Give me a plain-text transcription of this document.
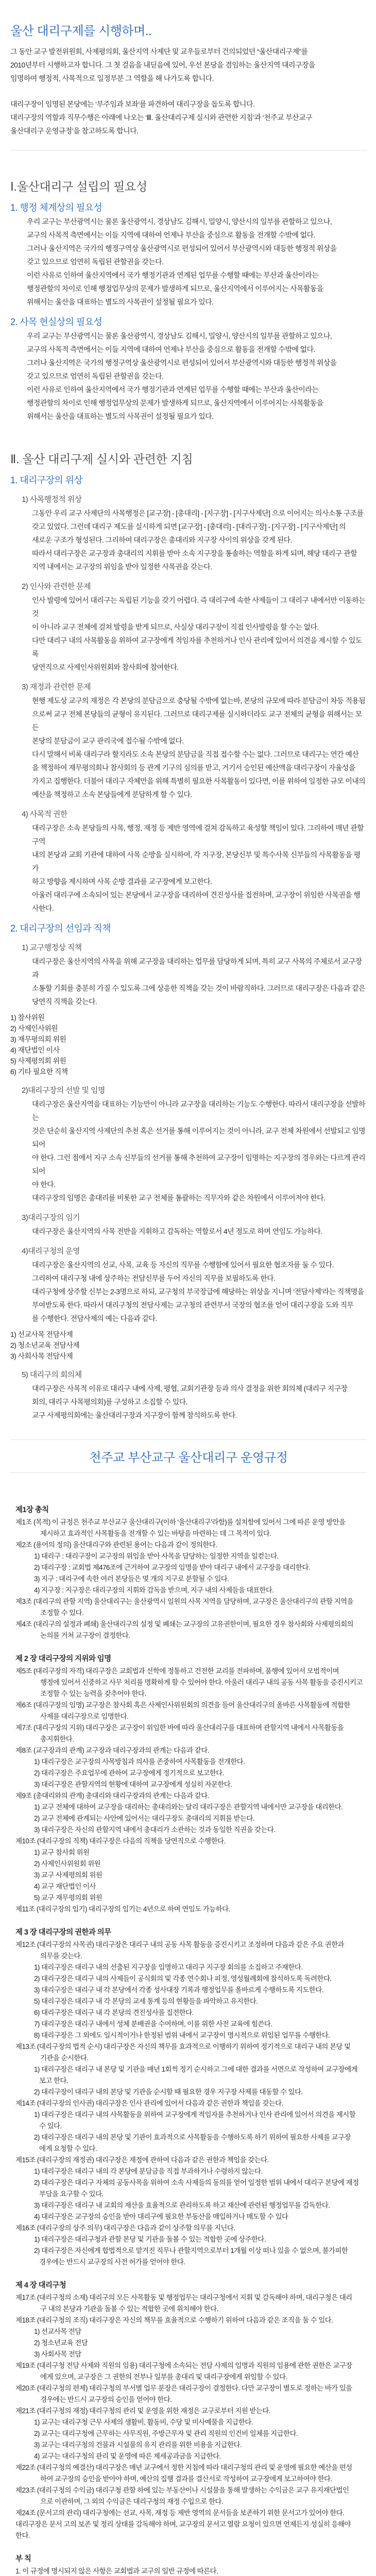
울산 대리구제를 시행하며..

그 동안 교구 발전위원회, 사제평의회, 울산지역 사제단 및 교우들로부터 건의되었던 “울산대리구제”를
2010년부터 시행하고자 합니다. 그 첫 걸음을 내딛음에 있어, 우선 본당을 겸임하는 울산지역 대리구장을
임명하여 행정적, 사목적으로 일정부분 그 역할을 해 나가도록 합니다.

대리구장이 임명된 본당에는 ‘부주임과 보좌’를 파견하여 대리구장을 돕도록 합니다.
대리구장의 역할과 직무수행은 아래에 나오는 ‘Ⅲ. 울산대리구제 실시와 관련한 지침’과 ‘천주교 부산교구
울산대리구 운영규정’을 참고하도록 합니다.

Ⅰ.울산대리구 설립의 필요성
1. 행정 체계상의 필요성
우리 교구는 부산광역시는 물론 울산광역시, 경상남도 김해시, 밀양시, 양산시의 일부를 관할하고 있으나,
교구의 사목적 측면에서는 이들 지역에 대하여 언제나 부산을 중심으로 활동을 전개할 수밖에 없다.
그러나 울산지역은 국가의 행정구역상 울산광역시로 편성되어 있어서 부산광역시와 대등한 행정적 위상을
갖고 있으므로 엄연히 독립된 관할권을 갖는다.
이런 사유로 인하여 울산지역에서 국가 행정기관과 연계된 업무를 수행할 때에는 부산과 울산이라는
행정관할의 차이로 인해 행정업무상의 문제가 발생하게 되므로, 울산지역에서 이루어지는 사목활동을
위해서는 울산을 대표하는 별도의 사목권이 설정될 필요가 있다.
2. 사목 현실상의 필요성
우리 교구는 부산광역시는 물론 울산광역시, 경상남도 김해시, 밀양시, 양산시의 일부를 관할하고 있으나,
교구의 사목적 측면에서는 이들 지역에 대하여 언제나 부산을 중심으로 활동을 전개할 수밖에 없다.
그러나 울산지역은 국가의 행정구역상 울산광역시로 편성되어 있어서 부산광역시와 대등한 행정적 위상을
갖고 있으므로 엄연히 독립된 관할권을 갖는다.
이런 사유로 인하여 울산지역에서 국가 행정기관과 연계된 업무를 수행할 때에는 부산과 울산이라는
행정관할의 차이로 인해 행정업무상의 문제가 발생하게 되므로, 울산지역에서 이루어지는 사목활동을
위해서는 울산을 대표하는 별도의 사목권이 설정될 필요가 있다.
Ⅱ. 울산 대리구제 실시와 관련한 지침
1. 대리구장의 위상
1) 사목행정적 위상
그동안 우리 교구 사제단의 사목행정은 [교구장] - [총대리] - [지구장] - [지구사제단] 으로 이어지는 의사소통 구조를
갖고 있었다. 그런데 대리구 제도를 실시하게 되면 [교구장] - [총대리] - [대리구장] - [지구장] - [지구사제단] 의
새로운 구조가 형성된다. 그리하여 대리구장은 총대리와 지구장 사이의 위상을 갖게 된다.
따라서 대리구장은 교구장과 총대리의 지휘를 받아 소속 지구장을 통솔하는 역할을 하게 되며, 해당 대리구 관할
지역 내에서는 교구장의 위임을 받아 일정한 사목권을 갖는다.
2) 인사와 관련한 문제
인사 발령에 있어서 대리구는 독립된 기능을 갖기 어렵다. 즉 대리구에 속한 사제들이 그 대리구 내에서만 이동하는 것
이 아니라 교구 전체에 걸쳐 발령을 받게 되므로, 사실상 대리구장이 직접 인사발령을 할 수는 없다.
다만 대리구 내의 사목활동을 위하여 교구장에게 적임자를 추천하거나 인사 관리에 있어서 의견을 제시할 수 있도록
당연직으로 사제인사위원회와 참사회에 참여한다.
3) 재정과 관련한 문제
현행 제도상 교구의 재정은 각 본당의 분담금으로 충당될 수밖에 없는바, 본당의 규모에 따라 분담금이 차등 적용됨
으로써 교구 전체 본당들의 균형이 유지된다. 그러므로 대리구제를 실시하더라도 교구 전체의 균형을 위해서는 모든
본당의 분담금이 교구 관리국에 접수될 수밖에 없다.
다시 말해서 비록 대리구라 할지라도 소속 본당의 분담금을 직접 접수할 수는 없다. 그러므로 대리구는 연간 예산
을 책정하여 재무평의회나 참사회의 등 관계 기구의 심의를 받고, 거기서 승인된 예산액을 대리구장이 자율성을
가지고 집행한다. 더불어 대리구 자체만을 위해 특별히 필요한 사목활동이 있다면, 이를 위하여 일정한 규모 이내의
예산을 책정하고 소속 본당들에게 분담하게 할 수 있다.
4) 사목적 권한
대리구장은 소속 본당들의 사목, 행정, 재정 등 제반 영역에 걸쳐 감독하고 육성할 책임이 있다. 그리하여 매년 관할 구역
내의 본당과 교회 기관에 대하여 사목 순방을 실시하여, 각 지구장, 본당신부 및 특수사목 신부들의 사목활동을 평가
하고 방향을 제시하며 사목 순방 결과를 교구장에게 보고한다.
아울러 대리구에 소속되어 있는 본당에서 교구장을 대리하여 견진성사를 집전하며, 교구장이 위임한 사목권을 행사한다.
2. 대리구장의 선임과 직책
1) 교구행정상 직책
대리구장은 울산지역의 사목을 위해 교구장을 대리하는 업무를 담당하게 되며, 특히 교구 사목의 주체로서 교구장과
소통할 기회를 충분히 가질 수 있도록 그에 상응한 직책을 갖는 것이 바람직하다. 그러므로 대리구장은 다음과 같은
당연직 직책을 갖는다.
1) 참사위원
2) 사제인사위원
3) 재무평의회 위원
4) 재단법인 이사
5) 사제평의회 위원
6) 기타 필요한 직책
2)대리구장의 선발 및 임명
대리구장은 울산지역을 대표하는 기능만이 아니라 교구장을 대리하는 기능도 수행한다. 따라서 대리구장을 선발하는
것은 단순히 울산지역 사제단의 추천 혹은 선거를 통해 이루어지는 것이 아니라, 교구 전체 차원에서 선발되고 임명되어
야 한다. 그런 점에서 지구 소속 신부들의 선거를 통해 추천하여 교구장이 임명하는 지구장의 경우와는 다르게 관리되어
야 한다.
대리구장의 임명은 총대리를 비롯한 교구 전체를 통괄하는 직무자와 같은 차원에서 이루어져야 한다.
3)대리구장의 임기
대리구장은 울산지역의 사목 전반을 지휘하고 감독하는 역할로서 4년 정도로 하며 연임도 가능하다.
4)대리구청의 운영
대리구장은 울산지역의 선교, 사목, 교육 등 자신의 직무를 수행함에 있어서 필요한 협조자를 둘 수 있다.
그리하여 대리구청 내에 상주하는 전담신부를 두어 자신의 직무를 보필하도록 한다.
대리구청에 상주할 신부는 2-3명으로 하되, 교구청의 부국장급에 해당하는 위상을 지니며 ‘전담사제’라는 직책명을
부여받도록 한다. 따라서 대리구청의 전담사제는 교구청의 관련부서 국장의 협조를 얻어 대리구장을 도와 직무
를 수행한다. 전담사제의 예는 다음과 같다.
1) 선교사목 전담사제
2) 청소년교육 전담사제
3) 사회사목 전담사제
5) 대리구의 회의체
대리구장은 사목적 이유로 대리구 내에 사제, 평협, 교회기관장 등과 의사 결정을 위한 회의체 (대리구 지구장
회의, 대리구 사목평의회)를 구성하고 소집할 수 있다.
교구 사제평의회에는 울산대리구장과 지구장이 함께 참석하도록 한다.
천주교 부산교구 울산대리구 운영규정
제1장 총칙
제1조 (목적) 이 규정은 천주교 부산교구 울산대리구(이하 ‘울산대리구’라함)를 설치함에 있어서 그에 따른 운영 방안을
제시하고 효과적인 사목활동을 전개할 수 있는 바탕을 마련하는 데 그 목적이 있다.
제2조 (용어의 정의) 울산대리구와 관련된 용어는 다음과 같이 정의한다.
1) 대리구 : 대리구장이 교구장의 위임을 받아 사목을 담당하는 일정한 지역을 일컫는다.
2) 대리구장 : 교회법 제476조에 근거하여 교구장의 임명을 받아 대리구 내에서 교구장을 대리한다.
3) 지구 : 대리구에 속한 여러 본당들은 몇 개의 지구로 분할될 수 있다.
4) 지구장 : 지구장은 대리구장의 지휘와 감독을 받으며, 지구 내의 사제들을 대표한다.
제3조 (대리구의 관할 지역) 울산대리구는 울산광역시 일원의 사목 지역을 담당하며, 교구장은 울산대리구의 관할 지역을
조정할 수 있다.
제4조 (대리구의 설정과 폐쇄) 울산대리구의 설정 및 폐쇄는 교구장의 고유권한이며, 필요한 경우 참사회와 사제평의회의
논의를 거쳐 교구장이 결정한다.
제 2 장 대리구장의 지위와 임명
제5조 (대리구장의 자격) 대리구장은 교회법과 신학에 정통하고 건전한 교리를 전파하며, 품행에 있어서 모범적이며
행정에 있어서 신중하고 사무 처리를 명확하게 할 수 있어야 한다. 아울러 대리구 내의 공동 사목 활동을 증진시키고
조정할 수 있는 능력을 갖추어야 한다.
제6조 (대리구장의 임명) 교구장은 참사회 혹은 사제인사위원회의 의견을 들어 울산대리구의 올바른 사목활동에 적합한
사제를 대리구장으로 임명한다.
제7조 (대리구장의 지위) 대리구장은 교구장이 위임한 바에 따라 울산대리구를 대표하며 관할지역 내에서 사목활동을
총지휘한다.
제8조 (교구장과의 관계) 교구장과 대리구장과의 관계는 다음과 같다.
1) 대리구장은 교구장의 사목방침과 의사를 존중하여 사목활동을 전개한다.
2) 대리구장은 주요업무에 관하여 교구장에게 정기적으로 보고한다.
3) 대리구장은 관할지역의 현황에 대하여 교구장에게 성실히 자문한다.
제9조 (총대리와의 관계) 총대리와 대리구장과의 관계는 다음과 같다.
1) 교구 전체에 대하여 교구장을 대리하는 총대리와는 달리 대리구장은 관할지역 내에서만 교구장을 대리한다.
2) 교구 전체에 관계되는 사안에 있어서는 대리구장도 총대리의 지휘를 받는다.
3) 대리구장은 자신의 관할지역 내에서 총대리가 소관하는 것과 동일한 직권을 갖는다.
제10조 (대리구장의 직책) 대리구장은 다음의 직책을 당연직으로 수행한다.
1) 교구 참사회 위원
2) 사제인사위원회 위원
3) 교구 사제평의회 위원
4) 교구 재단법인 이사
5) 교구 재무평의회 위원
제11조 (대리구장의 임기) 대리구장의 임기는 4년으로 하며 연임도 가능하다.
제 3 장 대리구장의 권한과 의무
제12조 (대리구장의 사목권) 대리구장은 대리구 내의 공동 사목 활동을 증진시키고 조정하며 다음과 같은 주요 권한과
의무를 갖는다.
1) 대리구장은 대리구 내의 선출된 지구장을 임명하고 대리구 지구장 회의를 소집하고 주재한다.
2) 대리구장은 대리구 내의 사제들이 공식회의 및 각종 연수회나 피정, 영성월례회에 참석하도록 독려한다.
3) 대리구장은 대리구 내 각 본당에서 각종 성사대장 기록과 행정업무를 올바르게 수행하도록 지도한다.
5) 대리구장은 대리구 내 각 본당의 교세 통계 등의 현황들을 파악하고 유지한다.
6) 대리구장은 대리구 내 각 본당의 견진성사를 집전한다.
7) 대리구장은 대리구 내에서 성체 분배권을 수여하며, 이를 위한 사전 교육에 힘쓴다.
8) 대리구장은 그 외에도 일시적이거나 한정된 범위 내에서 교구장이 명시적으로 위임된 업무를 수행한다.
제13조 (대리구장의 법적 순시) 대리구장은 자신의 책무를 효과적으로 이행하기 위하여 정기적으로 대리구 내의 본당 및
기관을 순시한다.
1) 대리구장은 대리구 내 본당 및 기관을 매년 1회씩 정기 순시하고 그에 대한 결과를 서면으로 작성하여 교구장에게
보고 한다.
2) 대리구장이 대리구 내의 본당 및 기관을 순시할 때 필요한 경우 지구장 사제를 대동할 수 있다.
제14조 (대리구장의 인사권) 대리구장은 인사 관리에 있어서 다음과 같은 권한과 책임을 갖는다.
1) 대리구장은 대리구 내의 사목활동을 위하여 교구장에게 적임자를 추천하거나 인사 관리에 있어서 의견을 제시할
수 있다.
2) 대리구장은 대리구 내의 본당 및 기관이 효과적으로 사목활동을 수행하도록 하기 위하여 필요한 사제를 교구장
에게 요청할 수 있다.
제15조 (대리구장의 재정권) 대리구장은 재정에 관하여 다음과 같은 권한과 책임을 갖는다.
1) 대리구장은 대리구 내의 각 본당에 분담금을 직접 부과하거나 수령하지 않는다.
2) 대리구장은 대리구 자체의 공동사목을 위하여 소속 사제들의 동의를 얻어 일정한 범위 내에서 대리구 본당에 재정
부담을 요구할 수 있다.
3) 대리구장은 대리구 내 교회의 재산을 효율적으로 관리하도록 하고 재산에 관련된 행정업무를 감독한다.
4) 대리구장은 교구장의 승인을 받아 대리구에 필요한 부동산을 매입하거나 매도할 수 있다
제16조 (대리구장의 상주 의무) 대리구장은 다음과 같이 상주할 의무를 지닌다.
1) 대리구장은 대리구청과 관할 본당 및 기관을 돌볼 수 있는 적합한 곳에 상주한다.
2) 대리구장은 자신에게 합법적으로 맡겨진 직무나 관할지역으로부터 1개월 이상 떠나 있을 수 없으며, 불가피한
경우에는 반드시 교구장의 사전 허가를 얻어야 한다.
제 4 장 대리구청
제17조 (대리구청의 소재) 대리구의 모든 사목활동 및 행정업무는 대리구청에서 지휘 및 감독해야 하며, 대리구청은 대리
구 내의 본당과 기관을 돌볼 수 있는 적합한 곳에 위치해야 한다.
제18조 (대리구청의 조직) 대리구장은 자신의 책무를 효율적으로 수행하기 위하여 다음과 같은 조직을 둘 수 있다.
1) 선교사목 전담
2) 청소년교육 전담
3) 사회사목 전담
제19조 (대리구청 전담 사제와 직원의 임용) 대리구청에 소속되는 전담 사제의 임명과 직원의 임용에 관한 권한은 교구장
에게 있으며, 교구장은 그 권한의 전부나 일부를 총대리 및 대리구장에게 위임할 수 있다.
제20조 (대리구청의 편제) 대리구청의 부서별 업무 분장은 대리구장이 결정한다. 다만 교구장이 별도로 정하는 바가 있을
경우에는 반드시 교구장의 승인을 얻어야 한다.
제21조 (대리구청의 재정) 대리구청의 관리 및 운영을 위한 재정은 교구로부터 지원 받는다.
1) 교구는 대리구청 근무 사제의 생활비, 활동비, 수당 및 미사예물을 지급한다.
2) 교구는 대리구청에 근무하는 사무직원, 주방근무자 및 관리 직원의 인건비 일체를 지급한다.
3) 교구는 대리구청의 건물과 시설물의 유지 관리를 위한 비용을 지급한다.
4) 교구는 대리구청의 관리 및 운영에 따른 제세공과금을 지급한다.
제22조 (대리구청의 예결산) 대리구장은 매년 교구에서 정한 지침에 따라 대리구청의 관리 및 운영에 필요한 예산을 편성
하여 교구장의 승인을 받아야 하며, 예산의 집행 결과를 결산서로 작성하여 교구장에게 보고하여야 한다.
제23조 (대리구청의 수익금) 대리구청 관할 하에 있는 부동산이나 시설물을 통해 발생하는 수익금은 교구 유지재단법인
으로 이관하며, 그 외의 수익금은 대리구청의 재정 수입으로 한다.
제24조 (문서고의 관리) 대리구청에는 선교, 사목, 재정 등 제반 영역의 문서들을 보존하기 위한 문서고가 있어야 한다.
대리구장은 문서 고의 보존 및 정리 상태를 감독해야 하며, 교구장의 문서고 열람 요청이 있으면 언제든지 성실히 응해야
한다.
부 칙
1. 이 규정에 명시되지 않은 사항은 교회법과 교구의 일반 규정에 따른다.
